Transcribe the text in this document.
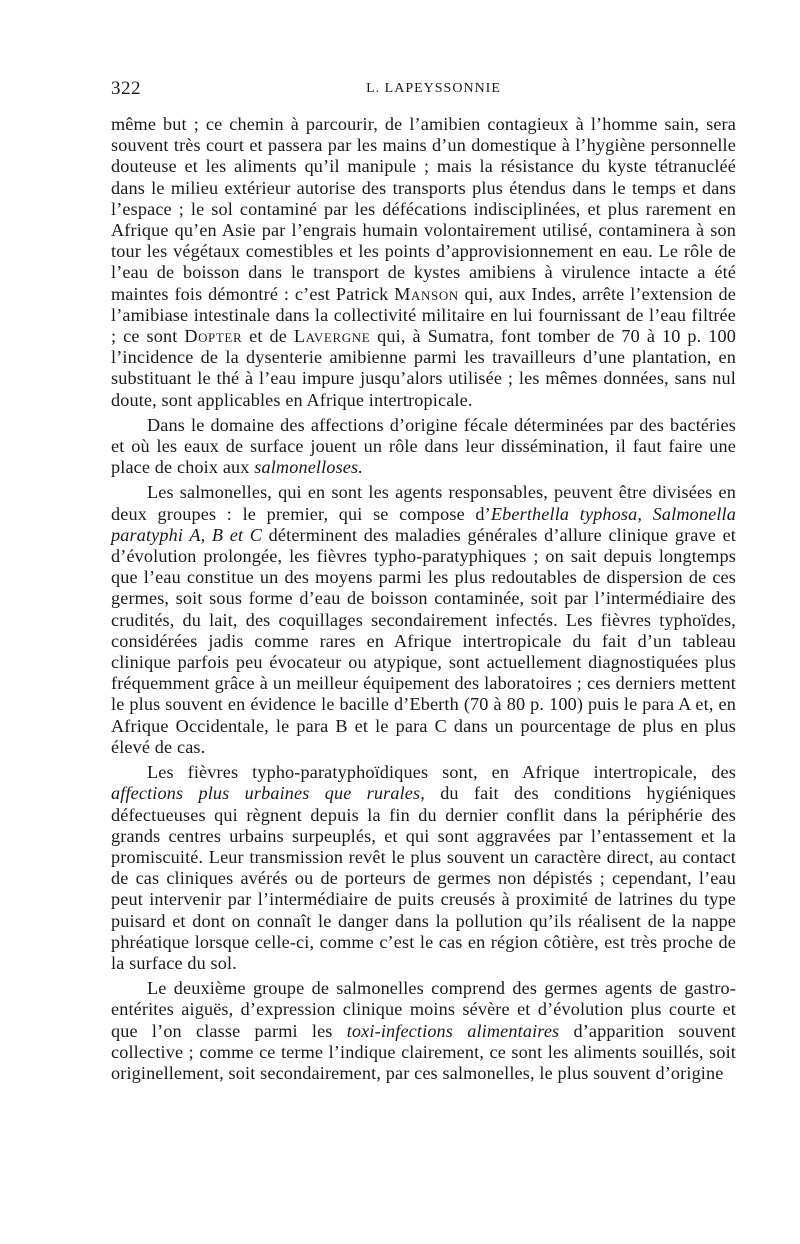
322	L. LAPEYSSONNIE

même but ; ce chemin à parcourir, de l’amibien contagieux à l’homme sain, sera souvent très court et passera par les mains d’un domestique à l’hygiène personnelle douteuse et les aliments qu’il manipule ; mais la résistance du kyste tétranucléé dans le milieu extérieur autorise des transports plus étendus dans le temps et dans l’espace ; le sol contaminé par les défécations indisciplinées, et plus rarement en Afrique qu’en Asie par l’engrais humain volontairement utilisé, contaminera à son tour les végétaux comestibles et les points d’approvisionnement en eau. Le rôle de l’eau de boisson dans le transport de kystes amibiens à virulence intacte a été maintes fois démontré : c’est Patrick Manson qui, aux Indes, arrête l’extension de l’amibiase intestinale dans la collectivité militaire en lui fournissant de l’eau filtrée ; ce sont Dopter et de Lavergne qui, à Sumatra, font tomber de 70 à 10 p. 100 l’incidence de la dysenterie amibienne parmi les travailleurs d’une plantation, en substituant le thé à l’eau impure jusqu’alors utilisée ; les mêmes données, sans nul doute, sont applicables en Afrique intertropicale.

Dans le domaine des affections d’origine fécale déterminées par des bactéries et où les eaux de surface jouent un rôle dans leur dissémination, il faut faire une place de choix aux salmonelloses.

Les salmonelles, qui en sont les agents responsables, peuvent être divisées en deux groupes : le premier, qui se compose d’Eberthella typhosa, Salmonella paratyphi A, B et C déterminent des maladies générales d’allure clinique grave et d’évolution prolongée, les fièvres typho-paratyphiques ; on sait depuis longtemps que l’eau constitue un des moyens parmi les plus redoutables de dispersion de ces germes, soit sous forme d’eau de boisson contaminée, soit par l’intermédiaire des crudités, du lait, des coquillages secondairement infectés. Les fièvres typhoïdes, considérées jadis comme rares en Afrique intertropicale du fait d’un tableau clinique parfois peu évocateur ou atypique, sont actuellement diagnostiquées plus fréquemment grâce à un meilleur équipement des laboratoires ; ces derniers mettent le plus souvent en évidence le bacille d’Eberth (70 à 80 p. 100) puis le para A et, en Afrique Occidentale, le para B et le para C dans un pourcentage de plus en plus élevé de cas.

Les fièvres typho-paratyphoïdiques sont, en Afrique intertropicale, des affections plus urbaines que rurales, du fait des conditions hygiéniques défectueuses qui règnent depuis la fin du dernier conflit dans la périphérie des grands centres urbains surpeuplés, et qui sont aggravées par l’entassement et la promiscuité. Leur transmission revêt le plus souvent un caractère direct, au contact de cas cliniques avérés ou de porteurs de germes non dépistés ; cependant, l’eau peut intervenir par l’intermédiaire de puits creusés à proximité de latrines du type puisard et dont on connaît le danger dans la pollution qu’ils réalisent de la nappe phréatique lorsque celle-ci, comme c’est le cas en région côtière, est très proche de la surface du sol.

Le deuxième groupe de salmonelles comprend des germes agents de gastro-entérites aiguës, d’expression clinique moins sévère et d’évolution plus courte et que l’on classe parmi les toxi-infections alimentaires d’apparition souvent collective ; comme ce terme l’indique clairement, ce sont les aliments souillés, soit originellement, soit secondairement, par ces salmonelles, le plus souvent d’origine
